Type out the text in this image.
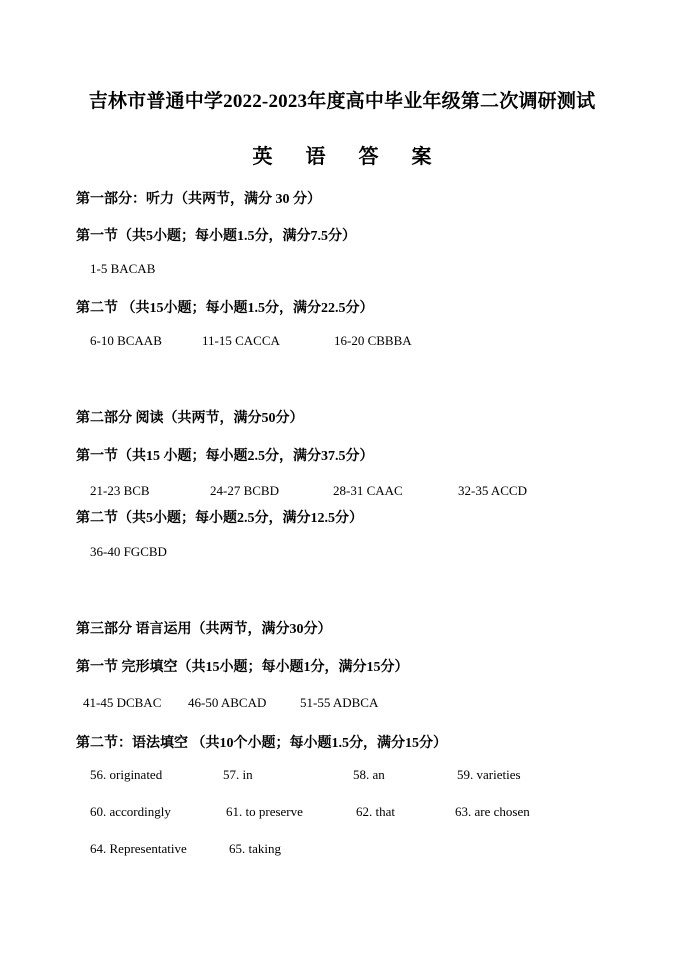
吉林市普通中学2022-2023年度高中毕业年级第二次调研测试
英 语 答 案
第一部分：听力（共两节，满分 30 分）
第一节（共5小题；每小题1.5分，满分7.5分）
1-5 BACAB
第二节 （共15小题；每小题1.5分，满分22.5分）
6-10 BCAAB	11-15 CACCA	16-20 CBBBA
第二部分 阅读（共两节，满分50分）
第一节（共15 小题；每小题2.5分，满分37.5分）
21-23 BCB	24-27 BCBD	28-31 CAAC	32-35 ACCD
第二节（共5小题；每小题2.5分，满分12.5分）
36-40 FGCBD
第三部分 语言运用（共两节，满分30分）
第一节 完形填空（共15小题；每小题1分，满分15分）
41-45 DCBAC 46-50 ABCAD	51-55 ADBCA
第二节：语法填空 （共10个小题；每小题1.5分，满分15分）
56. originated	57. in	58. an	59. varieties
60. accordingly	61. to preserve	62. that	63. are chosen
64. Representative	65. taking
